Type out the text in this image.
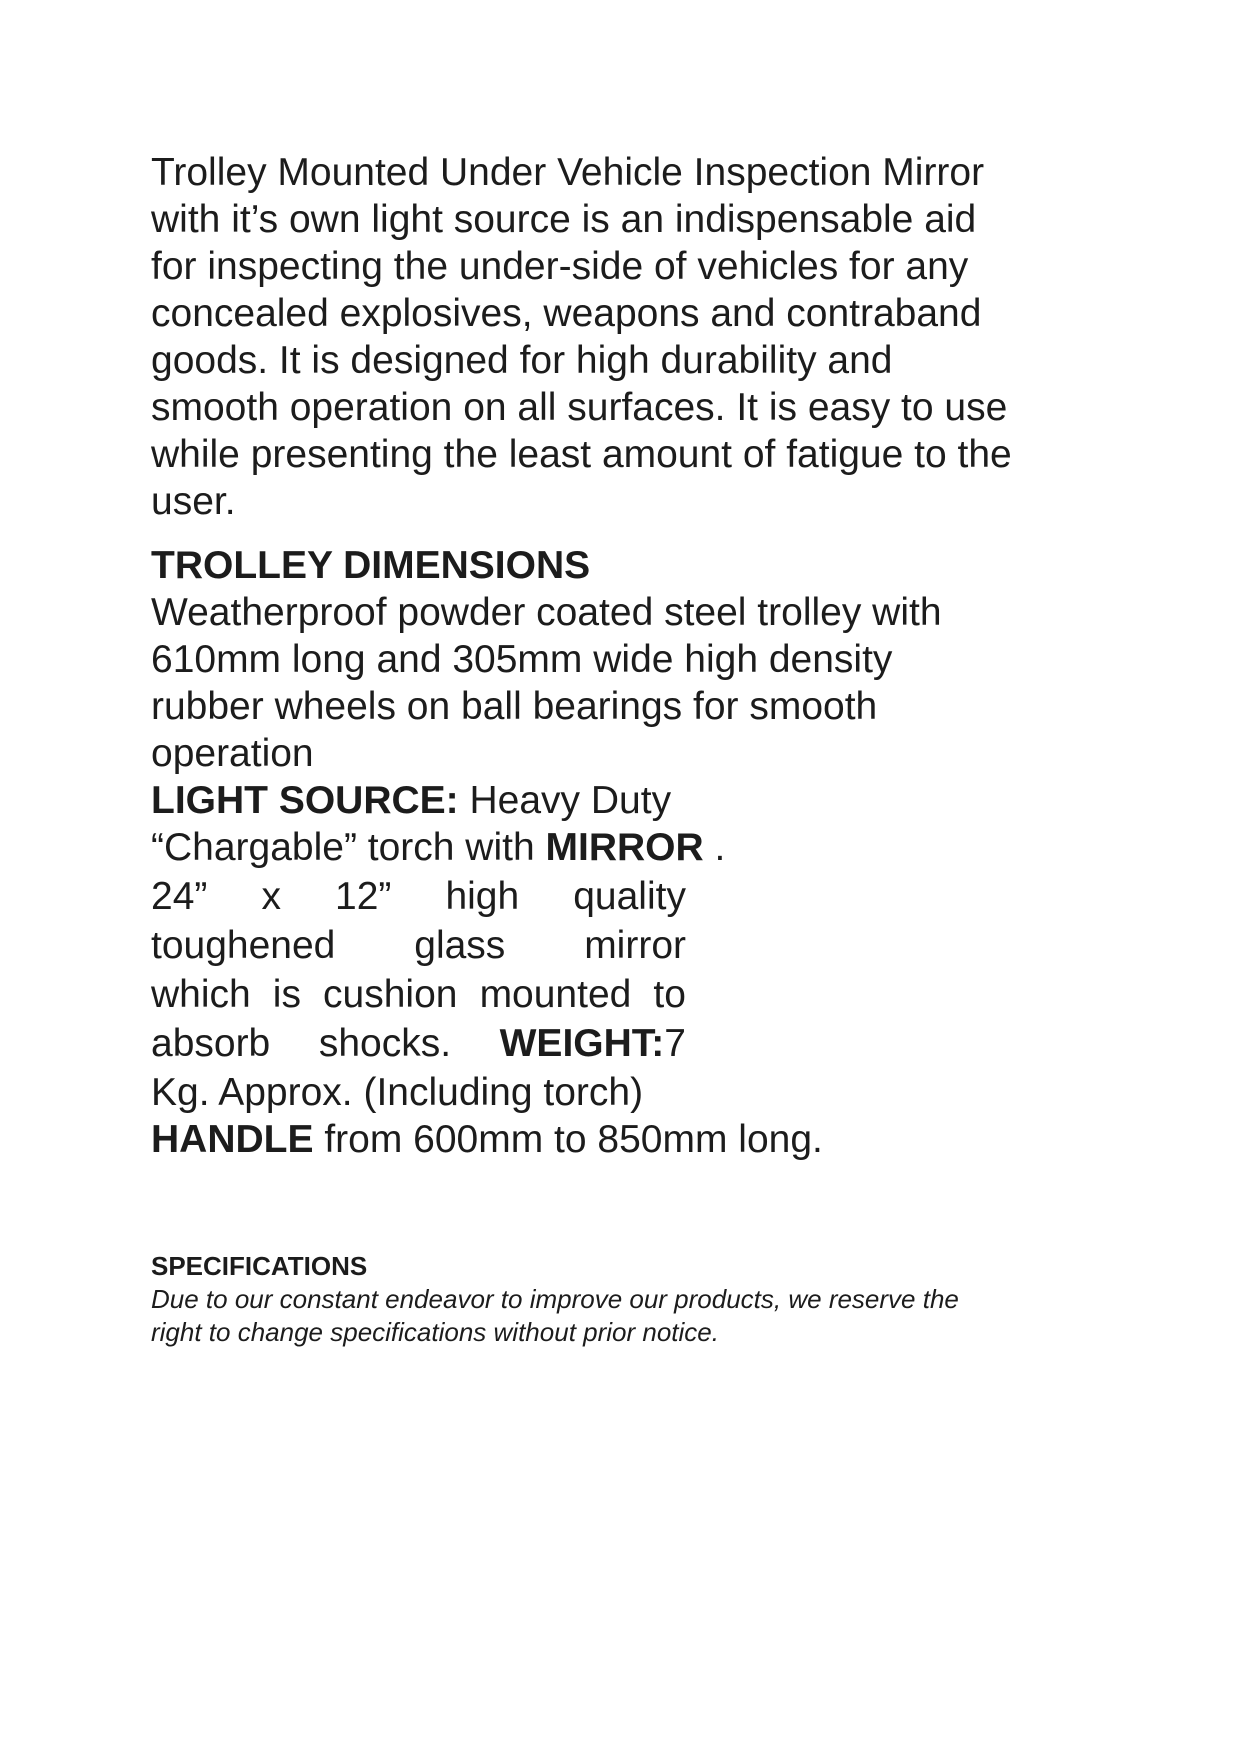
Trolley Mounted Under Vehicle Inspection Mirror
with it’s own light source is an indispensable aid
for inspecting the under-side of vehicles for any
concealed explosives, weapons and contraband
goods. It is designed for high durability and
smooth operation on all surfaces. It is easy to use
while presenting the least amount of fatigue to the
user.
TROLLEY DIMENSIONS
Weatherproof powder coated steel trolley with
610mm long and 305mm wide high density
rubber wheels on ball bearings for smooth
operation
LIGHT SOURCE: Heavy Duty
“Chargable” torch with MIRROR .
24” x 12” high quality
toughened glass mirror
which is cushion mounted to
absorb shocks. WEIGHT:7
Kg. Approx. (Including torch)
HANDLE from 600mm to 850mm long.
SPECIFICATIONS
Due to our constant endeavor to improve our products, we reserve the
right to change specifications without prior notice.
